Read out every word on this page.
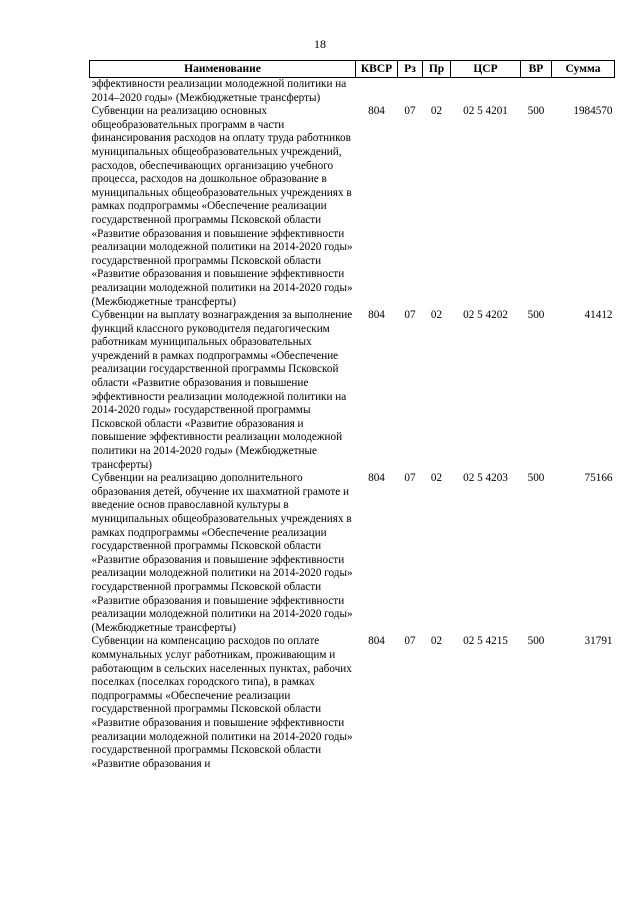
18
Наименование	КВСР	Рз	Пр	ЦСР	ВР	Сумма
эффективности реализации молодежной политики на 2014–2020 годы» (Межбюджетные трансферты)						
Субвенции на реализацию основных общеобразовательных программ в части финансирования расходов на оплату труда работников муниципальных общеобразовательных учреждений, расходов, обеспечивающих организацию учебного процесса, расходов на дошкольное образование в муниципальных общеобразовательных учреждениях в рамках подпрограммы «Обеспечение реализации государственной программы Псковской области «Развитие образования и повышение эффективности реализации молодежной политики на 2014-2020 годы» государственной программы Псковской области «Развитие образования и повышение эффективности реализации молодежной политики на 2014-2020 годы» (Межбюджетные трансферты)	804	07	02	02 5 4201	500	1984570
Субвенции на выплату вознаграждения за выполнение функций классного руководителя педагогическим работникам муниципальных образовательных учреждений в рамках подпрограммы «Обеспечение реализации государственной программы Псковской области «Развитие образования и повышение эффективности реализации молодежной политики на 2014-2020 годы» государственной программы Псковской области «Развитие образования и повышение эффективности реализации молодежной политики на 2014-2020 годы» (Межбюджетные трансферты)	804	07	02	02 5 4202	500	41412
Субвенции на реализацию дополнительного образования детей, обучение их шахматной грамоте и введение основ православной культуры в муниципальных общеобразовательных учреждениях в рамках подпрограммы «Обеспечение реализации государственной программы Псковской области «Развитие образования и повышение эффективности реализации молодежной политики на 2014-2020 годы» государственной программы Псковской области «Развитие образования и повышение эффективности реализации молодежной политики на 2014-2020 годы» (Межбюджетные трансферты)	804	07	02	02 5 4203	500	75166
Субвенции на компенсацию расходов по оплате коммунальных услуг работникам, проживающим и работающим в сельских населенных пунктах, рабочих поселках (поселках городского типа), в рамках подпрограммы «Обеспечение реализации государственной программы Псковской области «Развитие образования и повышение эффективности реализации молодежной политики на 2014-2020 годы» государственной программы Псковской области «Развитие образования и	804	07	02	02 5 4215	500	31791
